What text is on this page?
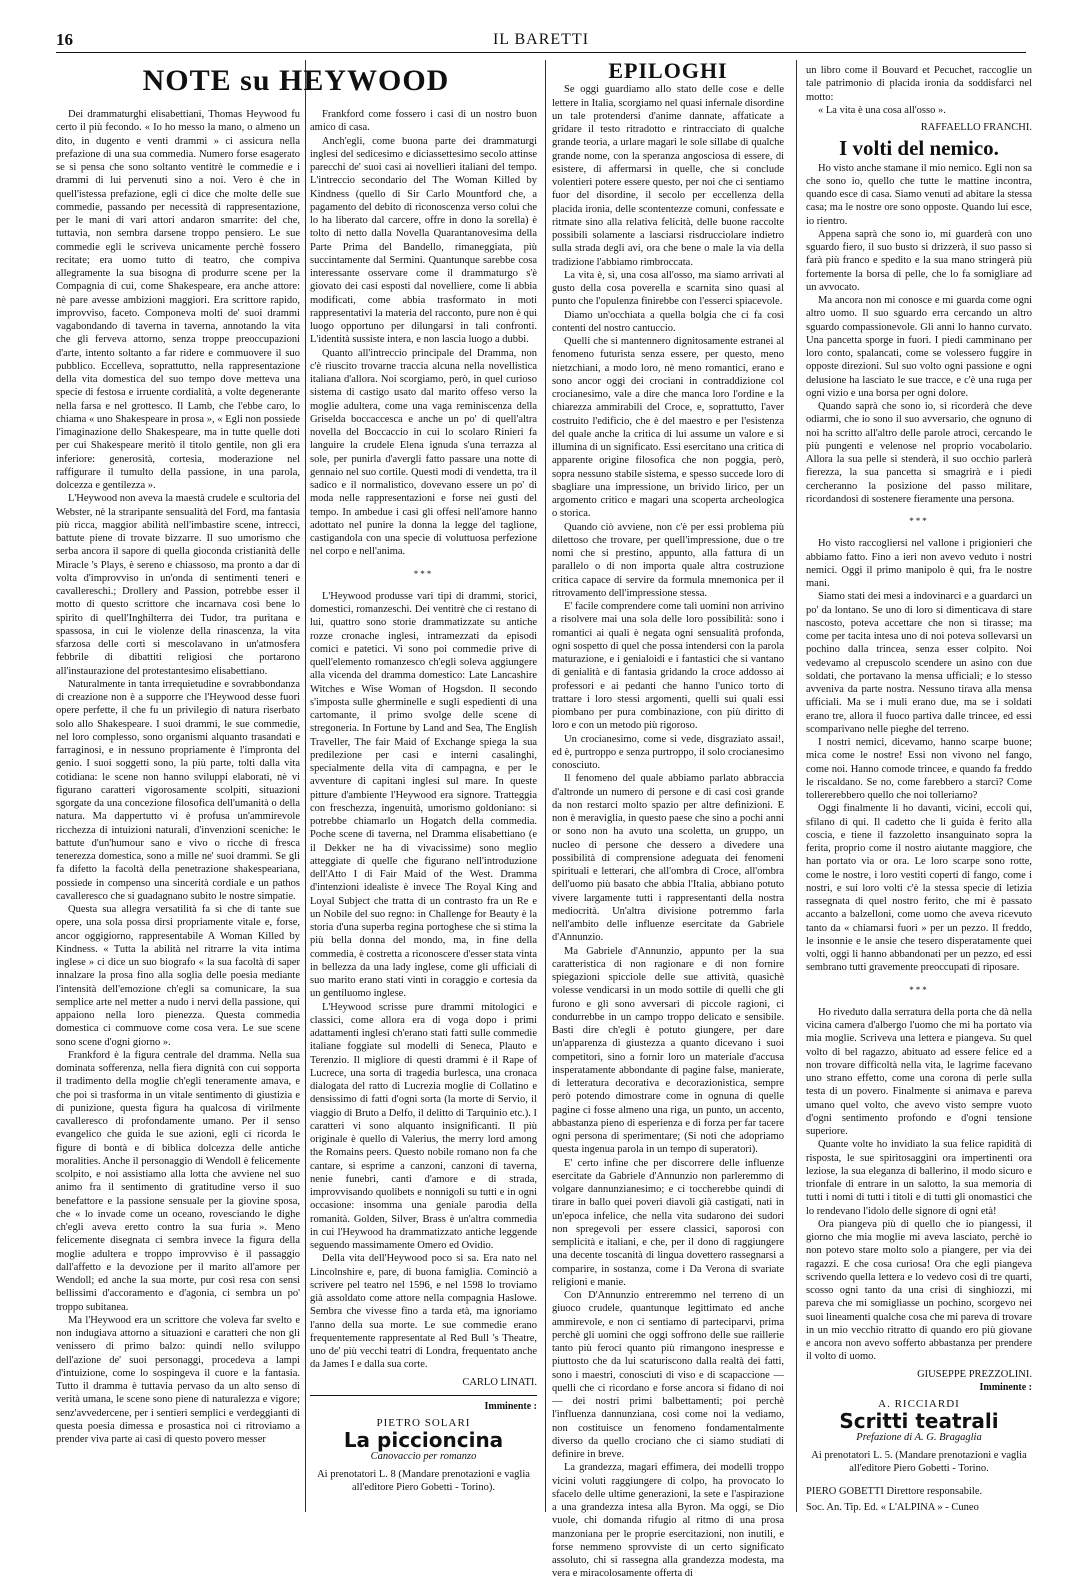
16	IL BARETTI
NOTE su HEYWOOD

Dei drammaturghi elisabettiani, Thomas Heywood fu certo il più fecondo. « Io ho messo la mano, o almeno un dito, in dugento e venti drammi » ci assicura nella prefazione di una sua commedia. Numero forse esagerato se si pensa che sono soltanto ventitrè le commedie e i drammi di lui pervenuti sino a noi. Vero è che in quell'istessa prefazione, egli ci dice che molte delle sue commedie, passando per necessità di rappresentazione, per le mani di vari attori andaron smarrite: del che, tuttavia, non sembra darsene troppo pensiero. Le sue commedie egli le scriveva unicamente perchè fossero recitate; era uomo tutto di teatro, che compiva allegramente la sua bisogna di produrre scene per la Compagnia di cui, come Shakespeare, era anche attore: nè pare avesse ambizioni maggiori. Era scrittore rapido, improvviso, faceto. Componeva molti de' suoi drammi vagabondando di taverna in taverna, annotando la vita che gli ferveva attorno, senza troppe preoccupazioni d'arte, intento soltanto a far ridere e commuovere il suo pubblico. Eccelleva, soprattutto, nella rappresentazione della vita domestica del suo tempo dove metteva una specie di festosa e irruente cordialità, a volte degenerante nella farsa e nel grottesco. Il Lamb, che l'ebbe caro, lo chiama « uno Shakespeare in prosa », « Egli non possiede l'imaginazione dello Shakespeare, ma in tutte quelle doti per cui Shakespeare meritò il titolo gentile, non gli era inferiore: generosità, cortesia, moderazione nel raffigurare il tumulto della passione, in una parola, dolcezza e gentilezza ».

L'Heywood non aveva la maestà crudele e scultoria del Webster, nè la straripante sensualità del Ford, ma fantasia più ricca, maggior abilità nell'imbastire scene, intrecci, battute piene di trovate bizzarre. Il suo umorismo che serba ancora il sapore di quella gioconda cristianità delle Miracle 's Plays, è sereno e chiassoso, ma pronto a dar di volta d'improvviso in un'onda di sentimenti teneri e cavallereschi.; Drollery and Passion, potrebbe esser il motto di questo scrittore che incarnava così bene lo spirito di quell'Inghilterra dei Tudor, tra puritana e spassosa, in cui le violenze della rinascenza, la vita sfarzosa delle corti si mescolavano in un'atmosfera febbrile di dibattiti religiosi che portarono all'instaurazione del protestantesimo elisabettiano.

Naturalmente in tanta irrequietudine e sovrabbondanza di creazione non è a supporre che l'Heywood desse fuori opere perfette, il che fu un privilegio di natura riserbato solo allo Shakespeare. I suoi drammi, le sue commedie, nel loro complesso, sono organismi alquanto trasandati e farraginosi, e in nessuno propriamente è l'impronta del genio. I suoi soggetti sono, la più parte, tolti dalla vita cotidiana: le scene non hanno sviluppi elaborati, nè vi figurano caratteri vigorosamente scolpiti, situazioni sgorgate da una concezione filosofica dell'umanità o della natura. Ma dappertutto vi è profusa un'ammirevole ricchezza di intuizioni naturali, d'invenzioni sceniche: le battute d'un'humour sano e vivo o ricche di fresca tenerezza domestica, sono a mille ne' suoi drammi. Se gli fa difetto la facoltà della penetrazione shakespeariana, possiede in compenso una sincerità cordiale e un pathos cavalleresco che si guadagnano subito le nostre simpatie.

Questa sua allegra versatilità fa sì che di tante sue opere, una sola possa dirsi propriamente vitale e, forse, ancor oggigiorno, rappresentabile A Woman Killed by Kindness. « Tutta la abilità nel ritrarre la vita intima inglese » ci dice un suo biografo « la sua facoltà di saper innalzare la prosa fino alla soglia delle poesia mediante l'intensità dell'emozione ch'egli sa comunicare, la sua semplice arte nel metter a nudo i nervi della passione, qui appaiono nella loro pienezza. Questa commedia domestica ci commuove come cosa vera. Le sue scene sono scene d'ogni giorno ».

Frankford è la figura centrale del dramma. Nella sua dominata sofferenza, nella fiera dignità con cui sopporta il tradimento della moglie ch'egli teneramente amava, e che poi si trasforma in un vitale sentimento di giustizia e di punizione, questa figura ha qualcosa di virilmente cavalleresco di profondamente umano. Per il senso evangelico che guida le sue azioni, egli ci ricorda le figure di bontà e di biblica dolcezza delle antiche moralities. Anche il personaggio di Wendoll è felicemente scolpito, e noi assistiamo alla lotta che avviene nel suo animo fra il sentimento di gratitudine verso il suo benefattore e la passione sensuale per la giovine sposa, che « lo invade come un oceano, rovesciando le dighe ch'egli aveva eretto contro la sua furia ». Meno felicemente disegnata ci sembra invece la figura della moglie adultera e troppo improvviso è il passaggio dall'affetto e la devozione per il marito all'amore per Wendoll; ed anche la sua morte, pur così resa con sensi bellissimi d'accoramento e d'agonia, ci sembra un po' troppo subitanea.

Ma l'Heywood era un scrittore che voleva far svelto e non indugiava attorno a situazioni e caratteri che non gli venissero di primo balzo: quindi nello sviluppo dell'azione de' suoi personaggi, procedeva a lampi d'intuizione, come lo sospingeva il cuore e la fantasia. Tutto il dramma è tuttavia pervaso da un alto senso di verità umana, le scene sono piene di naturalezza e vigore; senz'avvedercene, per i sentieri semplici e verdeggianti di questa poesia dimessa e prosastica noi ci ritroviamo a prender viva parte ai casi di questo povero messer

Frankford come fossero i casi di un nostro buon amico di casa.

Anch'egli, come buona parte dei drammaturgi inglesi del sedicesimo e diciassettesimo secolo attinse parecchi de' suoi casi ai novellieri italiani del tempo. L'intreccio secondario del The Woman Killed by Kindness (quello di Sir Carlo Mountford che, a pagamento del debito di riconoscenza verso colui che lo ha liberato dal carcere, offre in dono la sorella) è tolto di netto dalla Novella Quarantanovesima della Parte Prima del Bandello, rimaneggiata, più succintamente dal Sermini. Quantunque sarebbe cosa interessante osservare come il drammaturgo s'è giovato dei casi esposti dal novelliere, come li abbia modificati, come abbia trasformato in moti rappresentativi la materia del racconto, pure non è qui luogo opportuno per dilungarsi in tali confronti. L'identità sussiste intera, e non lascia luogo a dubbi.

Quanto all'intreccio principale del Dramma, non c'è riuscito trovarne traccia alcuna nella novellistica italiana d'allora. Noi scorgiamo, però, in quel curioso sistema di castigo usato dal marito offeso verso la moglie adultera, come una vaga reminiscenza della Griselda boccaccesca e anche un po' di quell'altra novella del Boccaccio in cui lo scolaro Rinieri fa languire la crudele Elena ignuda s'una terrazza al sole, per punirla d'avergli fatto passare una notte di gennaio nel suo cortile. Questi modi di vendetta, tra il sadico e il normalistico, dovevano essere un po' di moda nelle rappresentazioni e forse nei gusti del tempo. In ambedue i casi gli offesi nell'amore hanno adottato nel punire la donna la legge del taglione, castigandola con una specie di voluttuosa perfezione nel corpo e nell'anima.

***

L'Heywood produsse vari tipi di drammi, storici, domestici, romanzeschi. Dei ventitrè che ci restano di lui, quattro sono storie drammatizzate su antiche rozze cronache inglesi, intramezzati da episodi comici e patetici. Vi sono poi commedie prive di quell'elemento romanzesco ch'egli soleva aggiungere alla vicenda del dramma domestico: Late Lancashire Witches e Wise Woman of Hogsdon. Il secondo s'imposta sulle gherminelle e sugli espedienti di una cartomante, il primo svolge delle scene di stregoneria. In Fortune by Land and Sea, The English Traveller, The fair Maid of Exchange spiega la sua predilezione per casi e interni casalinghi, specialmente della vita di campagna, e per le avventure di capitani inglesi sul mare. In queste pitture d'ambiente l'Heywood era signore. Tratteggia con freschezza, ingenuità, umorismo goldoniano: si potrebbe chiamarlo un Hogatch della commedia. Poche scene di taverna, nel Dramma elisabettiano (e il Dekker ne ha di vivacissime) sono meglio atteggiate di quelle che figurano nell'introduzione dell'Atto I di Fair Maid of the West. Dramma d'intenzioni idealiste è invece The Royal King and Loyal Subject che tratta di un contrasto fra un Re e un Nobile del suo regno: in Challenge for Beauty è la storia d'una superba regina portoghese che si stima la più bella donna del mondo, ma, in fine della commedia, è costretta a riconoscere d'esser stata vinta in bellezza da una lady inglese, come gli ufficiali di suo marito erano stati vinti in coraggio e cortesia da un gentiluomo inglese.

L'Heywood scrisse pure drammi mitologici e classici, come allora era di voga dopo i primi adattamenti inglesi ch'erano stati fatti sulle commedie italiane foggiate sul modelli di Seneca, Plauto e Terenzio. Il migliore di questi drammi è il Rape of Lucrece, una sorta di tragedia burlesca, una cronaca dialogata del ratto di Lucrezia moglie di Collatino e densissimo di fatti d'ogni sorta (la morte di Servio, il viaggio di Bruto a Delfo, il delitto di Tarquinio etc.). I caratteri vi sono alquanto insignificanti. Il più originale è quello di Valerius, the merry lord among the Romains peers. Questo nobile romano non fa che cantare, si esprime a canzoni, canzoni di taverna, nenie funebri, canti d'amore e di strada, improvvisando quolibets e nonnigoli su tutti e in ogni occasione: insomma una geniale parodia della romanità. Golden, Silver, Brass è un'altra commedia in cui l'Heywood ha drammatizzato antiche leggende seguendo massimamente Omero ed Ovidio.

Della vita dell'Heywood poco si sa. Era nato nel Lincolnshire e, pare, di buona famiglia. Cominciò a scrivere pel teatro nel 1596, e nel 1598 lo troviamo già assoldato come attore nella compagnia Haslowe. Sembra che vivesse fino a tarda età, ma ignoriamo l'anno della sua morte. Le sue commedie erano frequentemente rappresentate al Red Bull 's Theatre, uno de' più vecchi teatri di Londra, frequentato anche da James I e dalla sua corte.

CARLO LINATI.
Imminente :
PIETRO SOLARI
La piccioncina
Canovaccio per romanzo

Ai prenotatori L. 8 (Mandare prenotazioni e vaglia all'editore Piero Gobetti - Torino).

EPILOGHI

Se oggi guardiamo allo stato delle cose e delle lettere in Italia, scorgiamo nel quasi infernale disordine un tale protendersi d'anime dannate, affaticate a gridare il testo ritradotto e rintracciato di qualche grande teoria, a urlare magari le sole sillabe di qualche grande nome, con la speranza angosciosa di essere, di esistere, di affermarsi in quelle, che si conclude volentieri potere essere questo, per noi che ci sentiamo fuor del disordine, il secolo per eccellenza della placida ironia, delle scontentezze comuni, confessate e ritmate sino alla relativa felicità, delle buone raccolte possibili solamente a lasciarsi risdrucciolare indietro sulla strada degli avi, ora che bene o male la via della tradizione l'abbiamo rimbroccata.

La vita è, sì, una cosa all'osso, ma siamo arrivati al gusto della cosa poverella e scarnita sino quasi al punto che l'opulenza finirebbe con l'esserci spiacevole.

Diamo un'occhiata a quella bolgia che ci fa così contenti del nostro cantuccio.

Quelli che si mantennero dignitosamente estranei al fenomeno futurista senza essere, per questo, meno nietzchiani, a modo loro, nè meno romantici, erano e sono ancor oggi dei crociani in contraddizione col crocianesimo, vale a dire che manca loro l'ordine e la chiarezza ammirabili del Croce, e, soprattutto, l'aver costruito l'edificio, che è del maestro e per l'esistenza del quale anche la critica di lui assume un valore e si illumina di un significato. Essi esercitano una critica di apparente origine filosofica che non poggia, però, sopra nessuno stabile sistema, e spesso succede loro di sbagliare una impressione, un brivido lirico, per un argomento critico e magari una scoperta archeologica o storica.

Quando ciò avviene, non c'è per essi problema più dilettoso che trovare, per quell'impressione, due o tre nomi che si prestino, appunto, alla fattura di un parallelo o di non importa quale altra costruzione critica capace di servire da formula mnemonica per il ritrovamento dell'impressione stessa.

E' facile comprendere come tali uomini non arrivino a risolvere mai una sola delle loro possibilità: sono i romantici ai quali è negata ogni sensualità profonda, ogni sospetto di quel che possa intendersi con la parola maturazione, e i genialoidi e i fantastici che si vantano di genialità e di fantasia gridando la croce addosso ai professori e ai pedanti che hanno l'unico torto di trattare i loro stessi argomenti, quelli sui quali essi piombano per pura combinazione, con più diritto di loro e con un metodo più rigoroso.

Un crocianesimo, come si vede, disgraziato assai!, ed è, purtroppo e senza purtroppo, il solo crocianesimo conosciuto.

Il fenomeno del quale abbiamo parlato abbraccia d'altronde un numero di persone e di casi così grande da non restarci molto spazio per altre definizioni. E non è meraviglia, in questo paese che sino a pochi anni or sono non ha avuto una scoletta, un gruppo, un nucleo di persone che dessero a divedere una possibilità di comprensione adeguata dei fenomeni spirituali e letterari, che all'ombra di Croce, all'ombra dell'uomo più basato che abbia l'Italia, abbiano potuto vivere largamente tutti i rappresentanti della nostra mediocrità. Un'altra divisione potremmo farla nell'ambito delle influenze esercitate da Gabriele d'Annunzio.

Ma Gabriele d'Annunzio, appunto per la sua caratteristica di non ragionare e di non fornire spiegazioni spicciole delle sue attività, quasichè volesse vendicarsi in un modo sottile di quelli che gli furono e gli sono avversari di piccole ragioni, ci condurrebbe in un campo troppo delicato e sensibile. Basti dire ch'egli è potuto giungere, per dare un'apparenza di giustezza a quanto dicevano i suoi competitori, sino a fornir loro un materiale d'accusa insperatamente abbondante di pagine false, manierate, di letteratura decorativa e decorazionistica, sempre però potendo dimostrare come in ognuna di quelle pagine ci fosse almeno una riga, un punto, un accento, abbastanza pieno di esperienza e di forza per far tacere ogni persona di sperimentare; (Si noti che adopriamo questa ingenua parola in un tempo di superatori).

E' certo infine che per discorrere delle influenze esercitate da Gabriele d'Annunzio non parleremmo di volgare dannunzianesimo; e ci toccherebbe quindi di tirare in ballo quei poveri diavoli già castigati, nati in un'epoca infelice, che nella vita sudarono dei sudori non spregevoli per essere classici, saporosi con semplicità e italiani, e che, per il dono di raggiungere una decente toscanità di lingua dovettero rassegnarsi a comparire, in sostanza, come i Da Verona di svariate religioni e manie.

Con D'Annunzio entreremmo nel terreno di un giuoco crudele, quantunque legittimato ed anche ammirevole, e non ci sentiamo di parteciparvi, prima perchè gli uomini che oggi soffrono delle sue raillerie tanto più feroci quanto più rimangono inespresse e piuttosto che da lui scaturiscono dalla realtà dei fatti, sono i maestri, conosciuti di viso e di scapaccione — quelli che ci ricordano e forse ancora si fidano di noi — dei nostri primi balbettamenti; poi perchè l'influenza dannunziana, così come noi la vediamo, non costituisce un fenomeno fondamentalmente diverso da quello crociano che ci siamo studiati di definire in breve.

La grandezza, magari effimera, dei modelli troppo vicini voluti raggiungere di colpo, ha provocato lo sfacelo delle ultime generazioni, la sete e l'aspirazione a una grandezza intesa alla Byron. Ma oggi, se Dio vuole, chi domanda rifugio al ritmo di una prosa manzoniana per le proprie esercitazioni, non inutili, e forse nemmeno sprovviste di un certo significato assoluto, chi si rassegna alla grandezza modesta, ma vera e miracolosamente offerta di

un libro come il Bouvard et Pecuchet, raccoglie un tale patrimonio di placida ironia da soddisfarci nel motto:

« La vita è una cosa all'osso ».

RAFFAELLO FRANCHI.
I volti del nemico.

Ho visto anche stamane il mio nemico. Egli non sa che sono io, quello che tutte le mattine incontra, quando esce di casa. Siamo venuti ad abitare la stessa casa; ma le nostre ore sono opposte. Quando lui esce, io rientro.

Appena saprà che sono io, mi guarderà con uno sguardo fiero, il suo busto si drizzerà, il suo passo si farà più franco e spedito e la sua mano stringerà più fortemente la borsa di pelle, che lo fa somigliare ad un avvocato.

Ma ancora non mi conosce e mi guarda come ogni altro uomo. Il suo sguardo erra cercando un altro sguardo compassionevole. Gli anni lo hanno curvato. Una pancetta sporge in fuori. I piedi camminano per loro conto, spalancati, come se volessero fuggire in opposte direzioni. Sul suo volto ogni passione e ogni delusione ha lasciato le sue tracce, e c'è una ruga per ogni vizio e una borsa per ogni dolore.

Quando saprà che sono io, si ricorderà che deve odiarmi, che io sono il suo avversario, che ognuno di noi ha scritto all'altro delle parole atroci, cercando le più pungenti e velenose nel proprio vocabolario. Allora la sua pelle si stenderà, il suo occhio parlerà fierezza, la sua pancetta si smagrirà e i piedi cercheranno la posizione del passo militare, ricordandosi di sostenere fieramente una persona.

***

Ho visto raccogliersi nel vallone i prigionieri che abbiamo fatto. Fino a ieri non avevo veduto i nostri nemici. Oggi il primo manipolo è qui, fra le nostre mani.

Siamo stati dei mesi a indovinarci e a guardarci un po' da lontano. Se uno di loro si dimenticava di stare nascosto, poteva accettare che non si tirasse; ma come per tacita intesa uno di noi poteva sollevarsi un pochino dalla trincea, senza esser colpito. Noi vedevamo al crepuscolo scendere un asino con due soldati, che portavano la mensa ufficiali; e lo stesso avveniva da parte nostra. Nessuno tirava alla mensa ufficiali. Ma se i muli erano due, ma se i soldati erano tre, allora il fuoco partiva dalle trincee, ed essi scomparivano nelle pieghe del terreno.

I nostri nemici, dicevamo, hanno scarpe buone; mica come le nostre! Essi non vivono nel fango, come noi. Hanno comode trincee, e quando fa freddo le riscaldano. Se no, come farebbero a starci? Come tollererebbero quello che noi tolleriamo?

Oggi finalmente li ho davanti, vicini, eccoli qui, sfilano di qui. Il cadetto che li guida è ferito alla coscia, e tiene il fazzoletto insanguinato sopra la ferita, proprio come il nostro aiutante maggiore, che han portato via or ora. Le loro scarpe sono rotte, come le nostre, i loro vestiti coperti di fango, come i nostri, e sui loro volti c'è la stessa specie di letizia rassegnata di quel nostro ferito, che mi è passato accanto a balzelloni, come uomo che aveva ricevuto tanto da « chiamarsi fuori » per un pezzo. Il freddo, le insonnie e le ansie che tesero disperatamente quei volti, oggi li hanno abbandonati per un pezzo, ed essi sembrano tutti gravemente preoccupati di riposare.

***

Ho riveduto dalla serratura della porta che dà nella vicina camera d'albergo l'uomo che mi ha portato via mia moglie. Scriveva una lettera e piangeva. Su quel volto di bel ragazzo, abituato ad essere felice ed a non trovare difficoltà nella vita, le lagrime facevano uno strano effetto, come una corona di perle sulla testa di un povero. Finalmente si animava e pareva umano quel volto, che avevo visto sempre vuoto d'ogni sentimento profondo e d'ogni tensione superiore.

Quante volte ho invidiato la sua felice rapidità di risposta, le sue spiritosaggini ora impertinenti ora leziose, la sua eleganza di ballerino, il modo sicuro e trionfale di entrare in un salotto, la sua memoria di tutti i nomi di tutti i titoli e di tutti gli onomastici che lo rendevano l'idolo delle signore di ogni età!

Ora piangeva più di quello che io piangessi, il giorno che mia moglie mi aveva lasciato, perchè io non potevo stare molto solo a piangere, per via dei ragazzi. E che cosa curiosa! Ora che egli piangeva scrivendo quella lettera e lo vedevo così di tre quarti, scosso ogni tanto da una crisi di singhiozzi, mi pareva che mi somigliasse un pochino, scorgevo nei suoi lineamenti qualche cosa che mi pareva di trovare in un mio vecchio ritratto di quando ero più giovane e ancora non avevo sofferto abbastanza per prendere il volto di uomo.

GIUSEPPE PREZZOLINI.
Imminente :
A. RICCIARDI
Scritti teatrali
Prefazione di A. G. Bragaglia

Ai prenotatori L. 5. (Mandare prenotazioni e vaglia all'editore Piero Gobetti - Torino.

PIERO GOBETTI Direttore responsabile.

Soc. An. Tip. Ed. « L'ALPINA » - Cuneo
